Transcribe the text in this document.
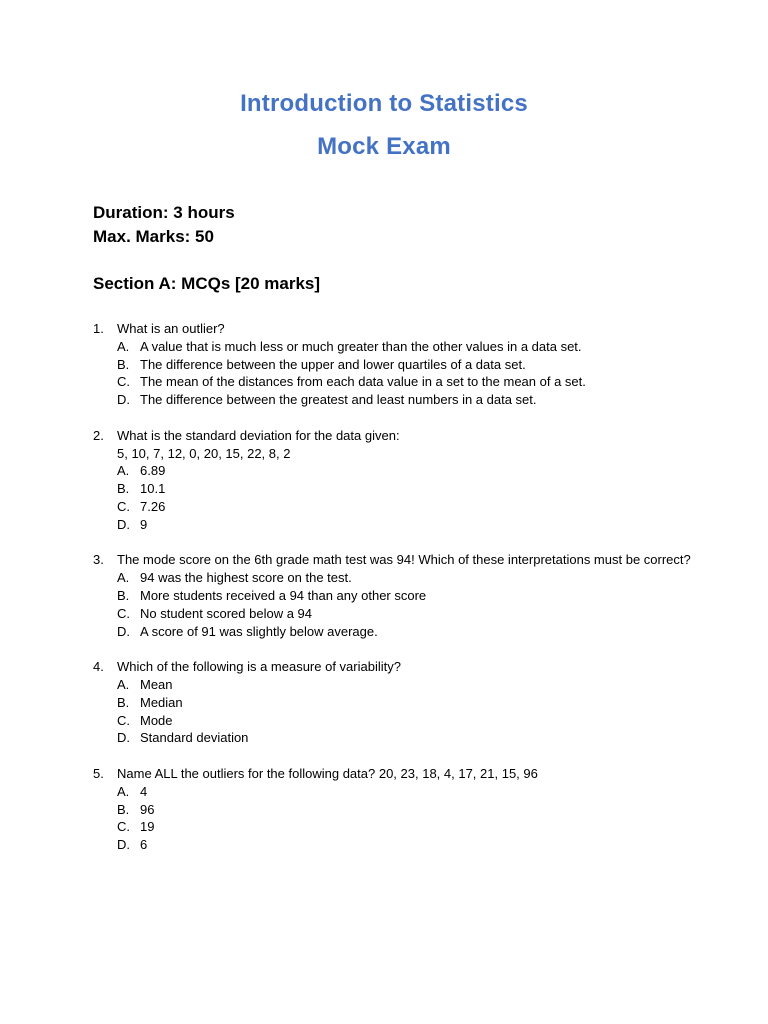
Introduction to Statistics
Mock Exam
Duration: 3 hours
Max. Marks: 50
Section A: MCQs [20 marks]
1. What is an outlier?
A. A value that is much less or much greater than the other values in a data set.
B. The difference between the upper and lower quartiles of a data set.
C. The mean of the distances from each data value in a set to the mean of a set.
D. The difference between the greatest and least numbers in a data set.
2. What is the standard deviation for the data given:
5, 10, 7, 12, 0, 20, 15, 22, 8, 2
A. 6.89
B. 10.1
C. 7.26
D. 9
3. The mode score on the 6th grade math test was 94! Which of these interpretations must be correct?
A. 94 was the highest score on the test.
B. More students received a 94 than any other score
C. No student scored below a 94
D. A score of 91 was slightly below average.
4. Which of the following is a measure of variability?
A. Mean
B. Median
C. Mode
D. Standard deviation
5. Name ALL the outliers for the following data? 20, 23, 18, 4, 17, 21, 15, 96
A. 4
B. 96
C. 19
D. 6
